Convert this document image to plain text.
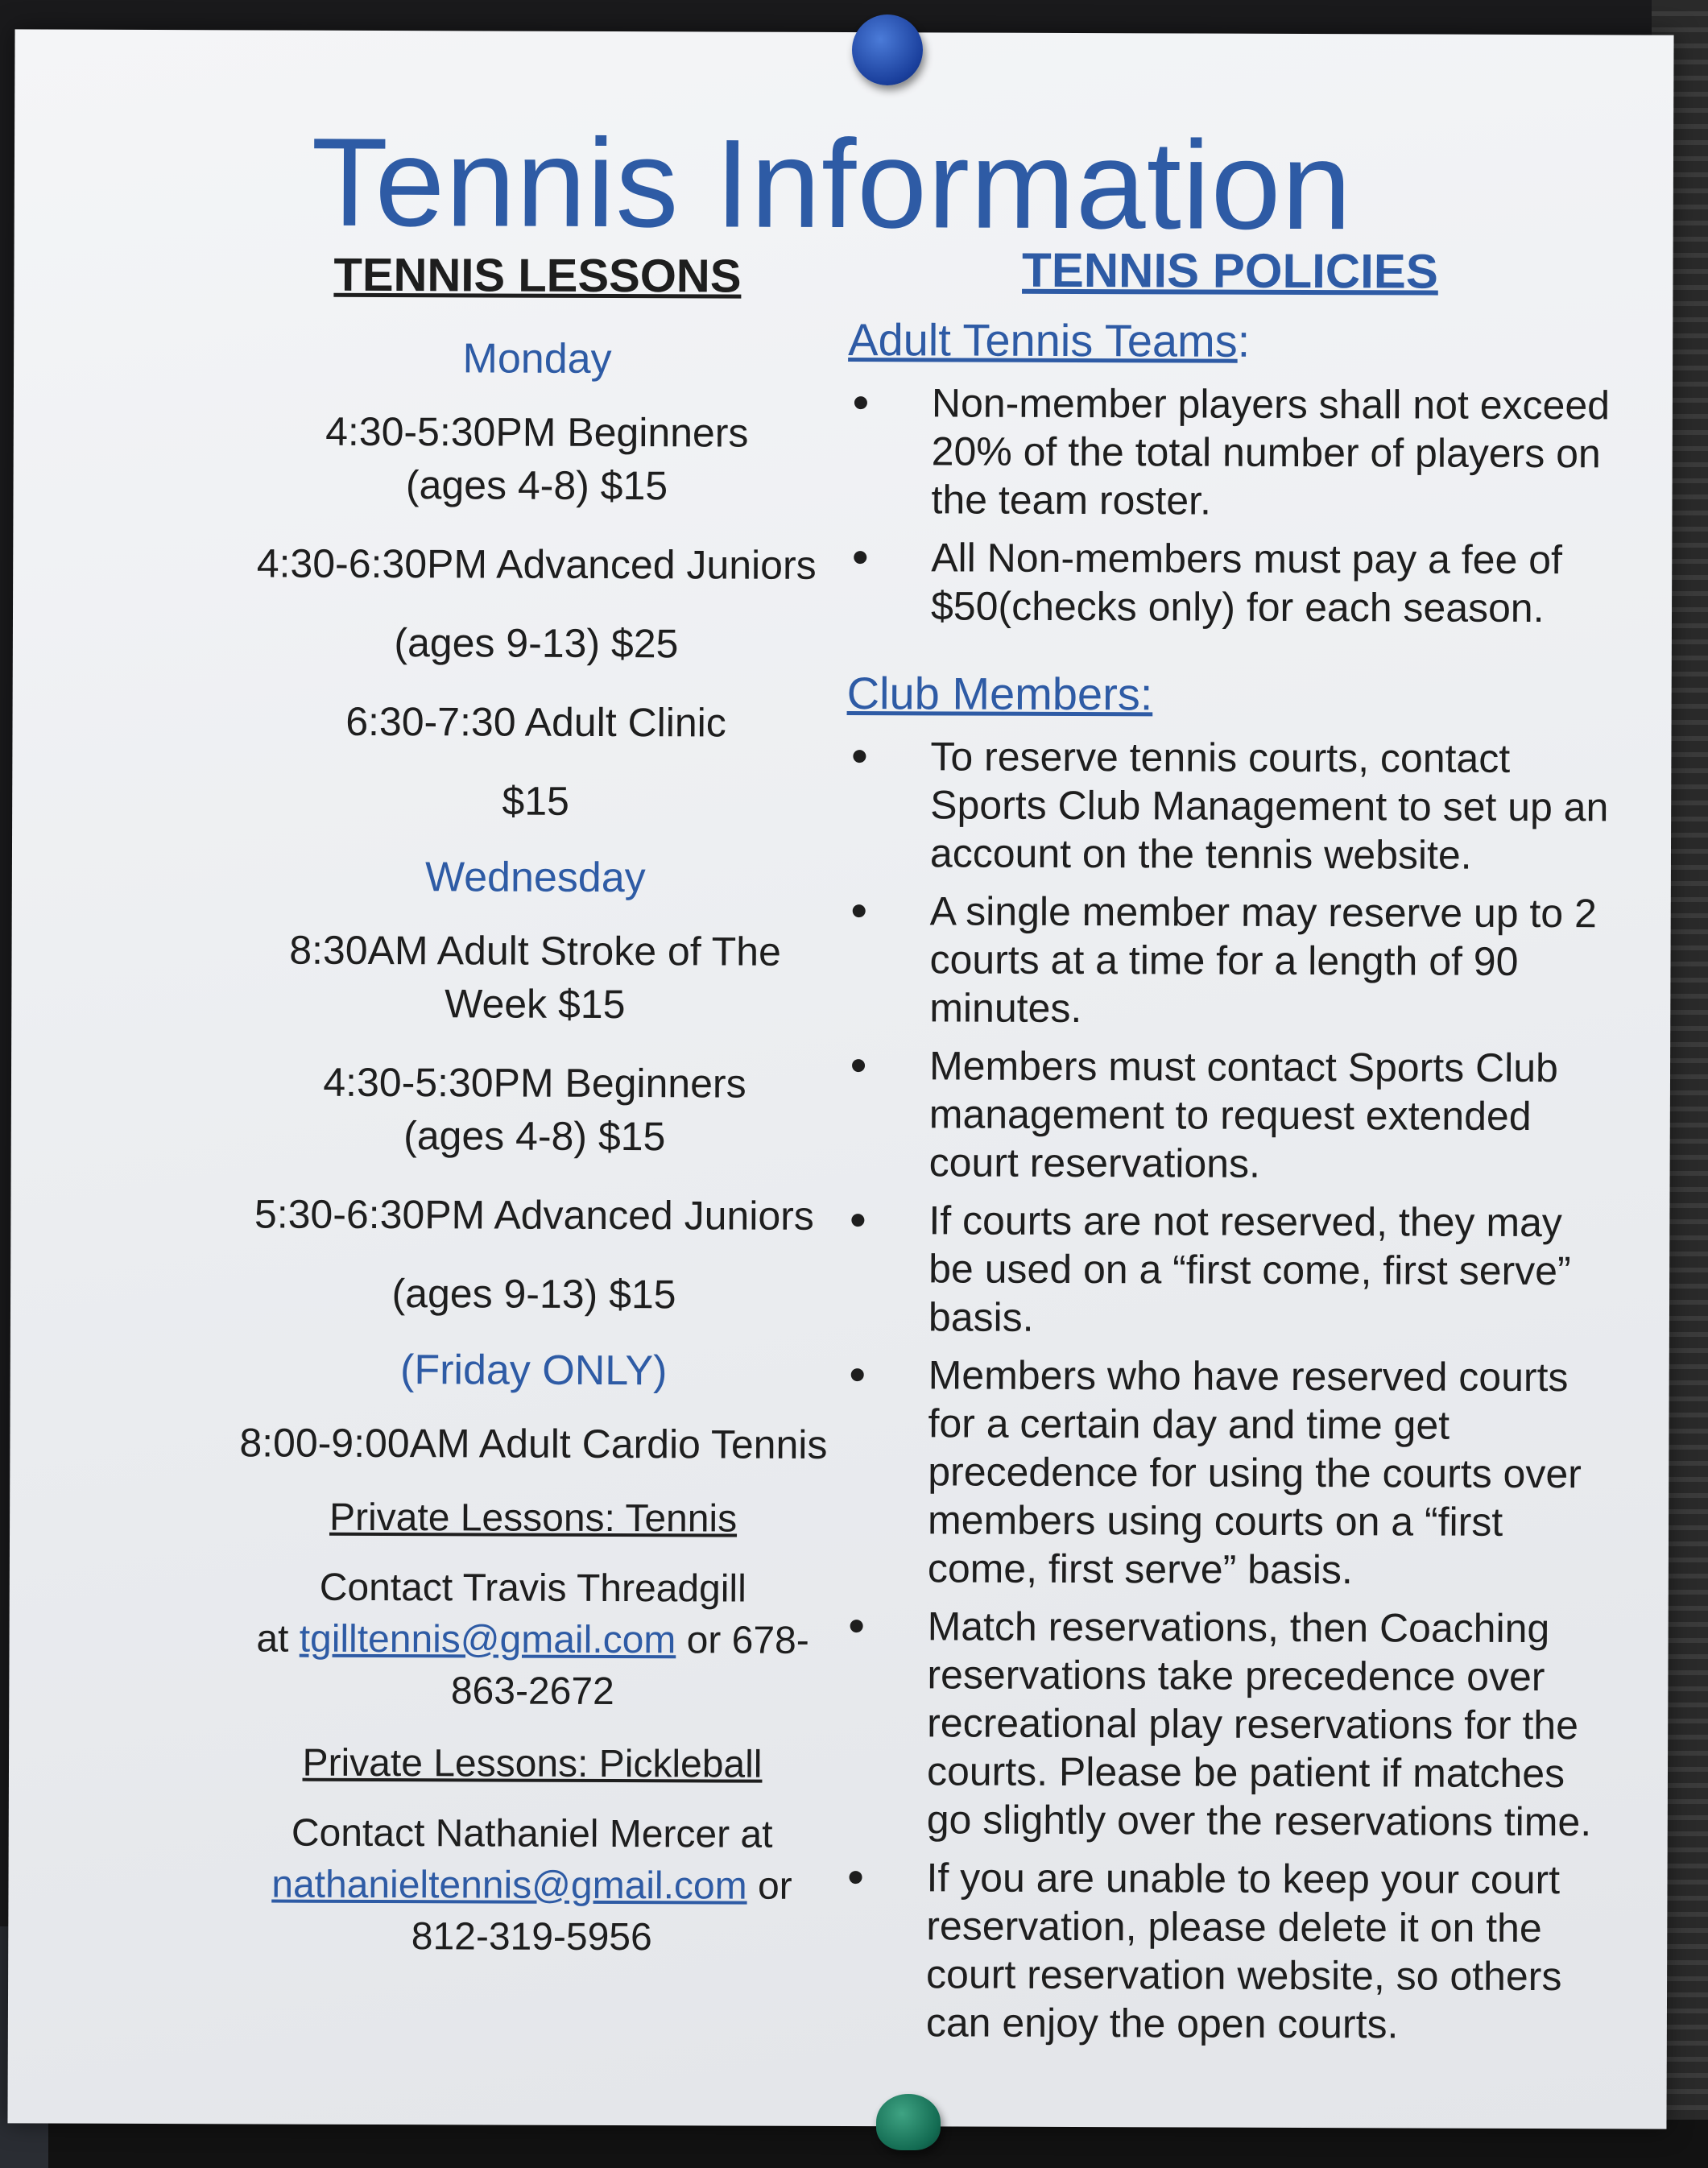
Tennis Information
TENNIS LESSONS
Monday
4:30-5:30PM Beginners
(ages 4-8) $15
4:30-6:30PM Advanced Juniors
(ages 9-13) $25
6:30-7:30 Adult Clinic
$15
Wednesday
8:30AM Adult Stroke of The
Week $15
4:30-5:30PM Beginners
(ages 4-8) $15
5:30-6:30PM Advanced Juniors
(ages 9-13) $15
(Friday ONLY)
8:00-9:00AM Adult Cardio Tennis
Private Lessons: Tennis
Contact Travis Threadgill
at tgilltennis@gmail.com or 678-
863-2672
Private Lessons: Pickleball
Contact Nathaniel Mercer at
nathanieltennis@gmail.com or
812-319-5956
TENNIS POLICIES
Adult Tennis Teams:
Non-member players shall not exceed 20% of the total number of players on the team roster.
All Non-members must pay a fee of $50(checks only) for each season.
Club Members:
To reserve tennis courts, contact Sports Club Management to set up an account on the tennis website.
A single member may reserve up to 2 courts at a time for a length of 90 minutes.
Members must contact Sports Club management to request extended court reservations.
If courts are not reserved, they may be used on a “first come, first serve” basis.
Members who have reserved courts for a certain day and time get precedence for using the courts over members using courts on a “first come, first serve” basis.
Match reservations, then Coaching reservations take precedence over recreational play reservations for the courts. Please be patient if matches go slightly over the reservations time.
If you are unable to keep your court reservation, please delete it on the court reservation website, so others can enjoy the open courts.
